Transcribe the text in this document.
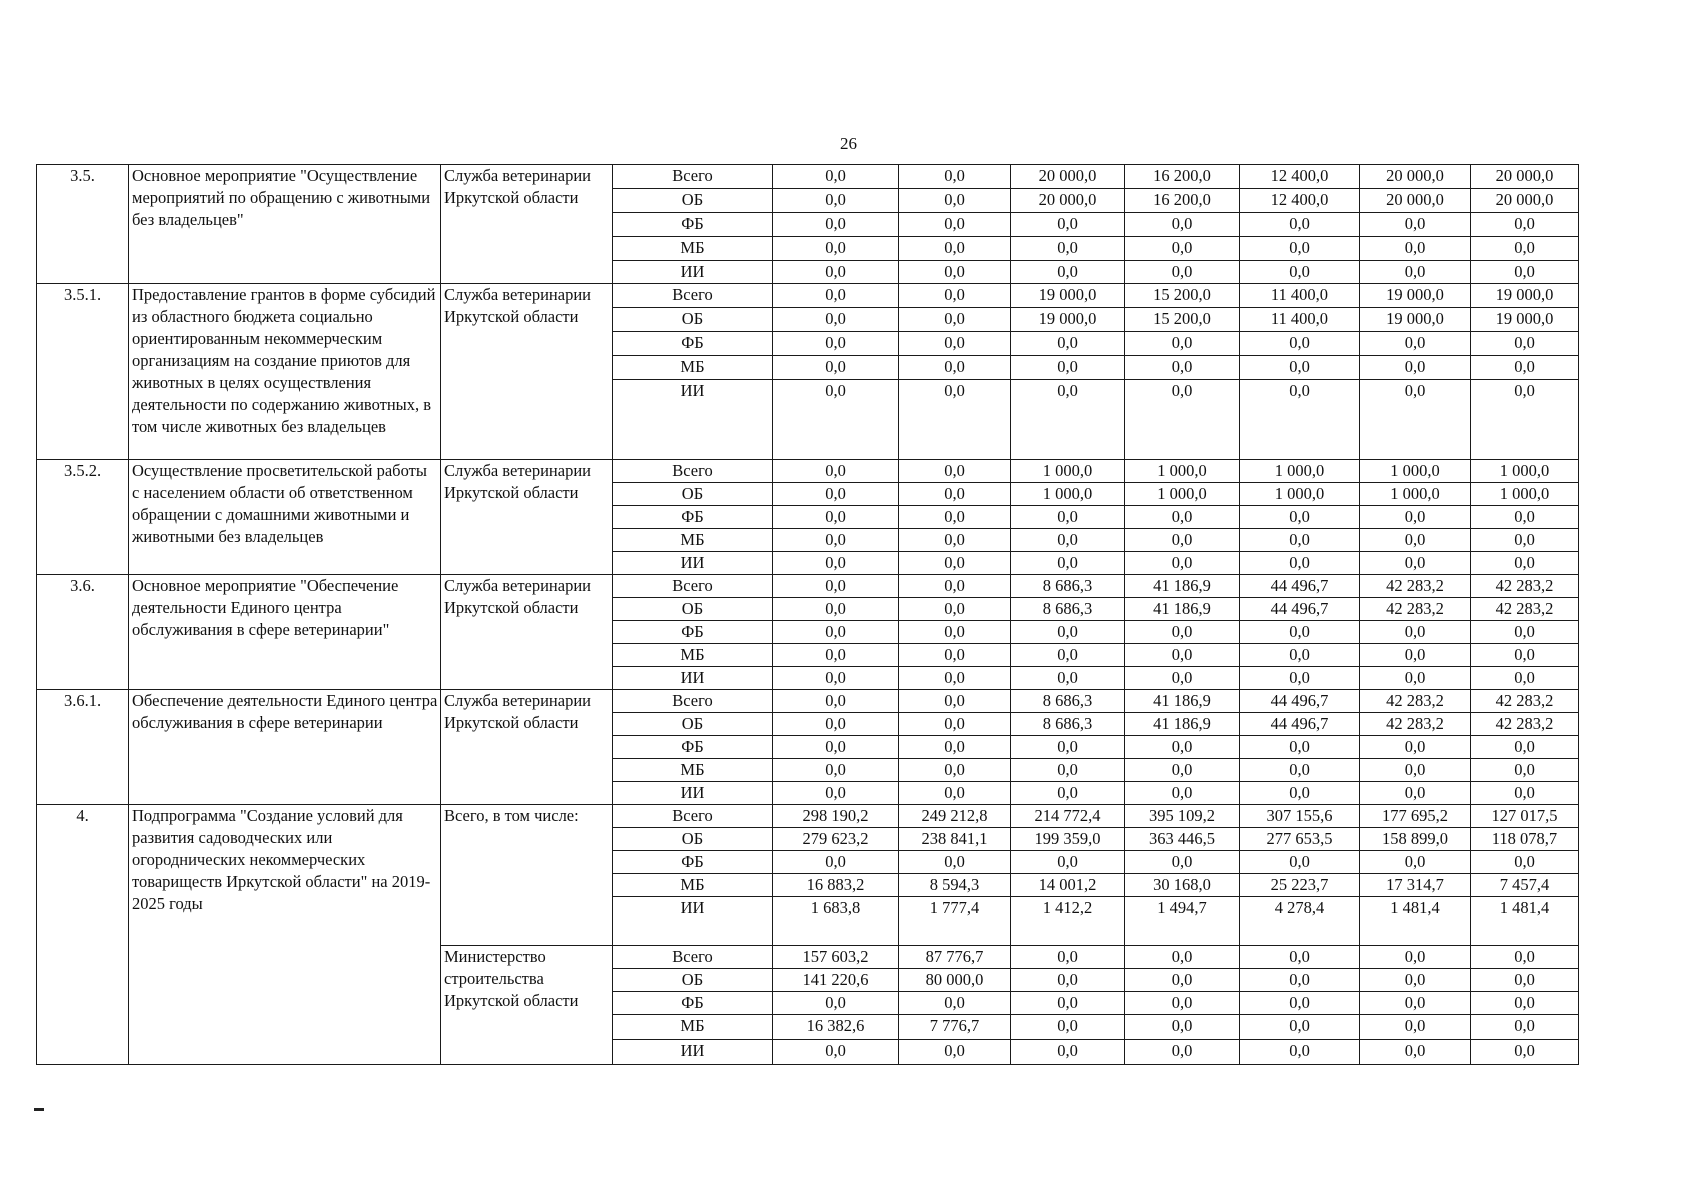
26
3.5.	Основное мероприятие "Осуществление мероприятий по обращению с животными без владельцев"	Служба ветеринарии Иркутской области	Всего	0,0	0,0	20 000,0	16 200,0	12 400,0	20 000,0	20 000,0
			ОБ	0,0	0,0	20 000,0	16 200,0	12 400,0	20 000,0	20 000,0
			ФБ	0,0	0,0	0,0	0,0	0,0	0,0	0,0
			МБ	0,0	0,0	0,0	0,0	0,0	0,0	0,0
			ИИ	0,0	0,0	0,0	0,0	0,0	0,0	0,0
3.5.1.	Предоставление грантов в форме субсидий из областного бюджета социально ориентированным некоммерческим организациям на создание приютов для животных в целях осуществления деятельности по содержанию животных, в том числе животных без владельцев	Служба ветеринарии Иркутской области	Всего	0,0	0,0	19 000,0	15 200,0	11 400,0	19 000,0	19 000,0
			ОБ	0,0	0,0	19 000,0	15 200,0	11 400,0	19 000,0	19 000,0
			ФБ	0,0	0,0	0,0	0,0	0,0	0,0	0,0
			МБ	0,0	0,0	0,0	0,0	0,0	0,0	0,0
			ИИ	0,0	0,0	0,0	0,0	0,0	0,0	0,0
3.5.2.	Осуществление просветительской работы с населением области об ответственном обращении с домашними животными и животными без владельцев	Служба ветеринарии Иркутской области	Всего	0,0	0,0	1 000,0	1 000,0	1 000,0	1 000,0	1 000,0
			ОБ	0,0	0,0	1 000,0	1 000,0	1 000,0	1 000,0	1 000,0
			ФБ	0,0	0,0	0,0	0,0	0,0	0,0	0,0
			МБ	0,0	0,0	0,0	0,0	0,0	0,0	0,0
			ИИ	0,0	0,0	0,0	0,0	0,0	0,0	0,0
3.6.	Основное мероприятие "Обеспечение деятельности Единого центра обслуживания в сфере ветеринарии"	Служба ветеринарии Иркутской области	Всего	0,0	0,0	8 686,3	41 186,9	44 496,7	42 283,2	42 283,2
			ОБ	0,0	0,0	8 686,3	41 186,9	44 496,7	42 283,2	42 283,2
			ФБ	0,0	0,0	0,0	0,0	0,0	0,0	0,0
			МБ	0,0	0,0	0,0	0,0	0,0	0,0	0,0
			ИИ	0,0	0,0	0,0	0,0	0,0	0,0	0,0
3.6.1.	Обеспечение деятельности Единого центра обслуживания в сфере ветеринарии	Служба ветеринарии Иркутской области	Всего	0,0	0,0	8 686,3	41 186,9	44 496,7	42 283,2	42 283,2
			ОБ	0,0	0,0	8 686,3	41 186,9	44 496,7	42 283,2	42 283,2
			ФБ	0,0	0,0	0,0	0,0	0,0	0,0	0,0
			МБ	0,0	0,0	0,0	0,0	0,0	0,0	0,0
			ИИ	0,0	0,0	0,0	0,0	0,0	0,0	0,0
4.	Подпрограмма "Создание условий для развития садоводческих или огороднических некоммерческих товариществ Иркутской области" на 2019-2025 годы	Всего, в том числе:	Всего	298 190,2	249 212,8	214 772,4	395 109,2	307 155,6	177 695,2	127 017,5
			ОБ	279 623,2	238 841,1	199 359,0	363 446,5	277 653,5	158 899,0	118 078,7
			ФБ	0,0	0,0	0,0	0,0	0,0	0,0	0,0
			МБ	16 883,2	8 594,3	14 001,2	30 168,0	25 223,7	17 314,7	7 457,4
			ИИ	1 683,8	1 777,4	1 412,2	1 494,7	4 278,4	1 481,4	1 481,4
		Министерство строительства Иркутской области	Всего	157 603,2	87 776,7	0,0	0,0	0,0	0,0	0,0
			ОБ	141 220,6	80 000,0	0,0	0,0	0,0	0,0	0,0
			ФБ	0,0	0,0	0,0	0,0	0,0	0,0	0,0
			МБ	16 382,6	7 776,7	0,0	0,0	0,0	0,0	0,0
			ИИ	0,0	0,0	0,0	0,0	0,0	0,0	0,0
